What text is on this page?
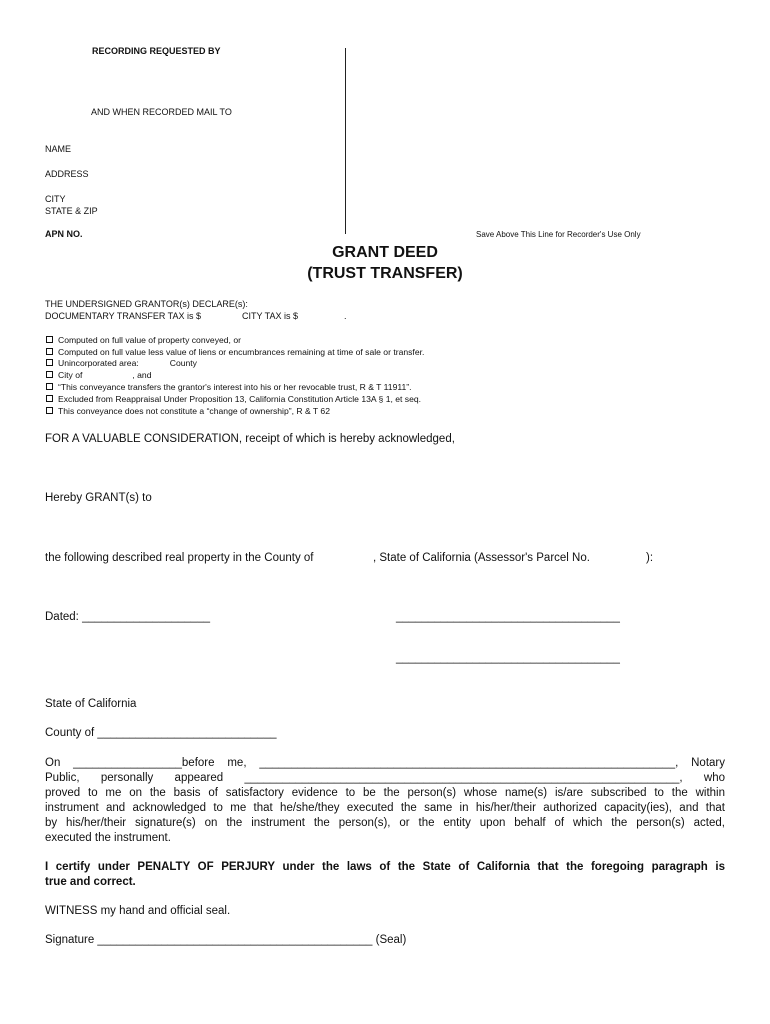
RECORDING REQUESTED BY
AND WHEN RECORDED MAIL TO
NAME
ADDRESS
CITY
STATE & ZIP
APN NO.	Save Above This Line for Recorder's Use Only
GRANT DEED
(TRUST TRANSFER)
THE UNDERSIGNED GRANTOR(s) DECLARE(s):
DOCUMENTARY TRANSFER TAX is $	CITY TAX is $	.
Computed on full value of property conveyed, or
Computed on full value less value of liens or encumbrances remaining at time of sale or transfer.
Unincorporated area:	County
City of	, and
“This conveyance transfers the grantor's interest into his or her revocable trust, R & T 11911”.
Excluded from Reappraisal Under Proposition 13, California Constitution Article 13A § 1, et seq.
This conveyance does not constitute a “change of ownership”, R & T 62
FOR A VALUABLE CONSIDERATION, receipt of which is hereby acknowledged,
Hereby GRANT(s) to
the following described real property in the County of	, State of California (Assessor's Parcel No.	):
Dated: ____________________	___________________________________
___________________________________
State of California
County of ____________________________
On _________________before me, _________________________________________________________________, Notary
Public, personally appeared ____________________________________________________________________, who
proved to me on the basis of satisfactory evidence to be the person(s) whose name(s) is/are subscribed to the within
instrument and acknowledged to me that he/she/they executed the same in his/her/their authorized capacity(ies), and that
by his/her/their signature(s) on the instrument the person(s), or the entity upon behalf of which the person(s) acted,
executed the instrument.
I certify under PENALTY OF PERJURY under the laws of the State of California that the foregoing paragraph is
true and correct.
WITNESS my hand and official seal.
Signature ___________________________________________ (Seal)
